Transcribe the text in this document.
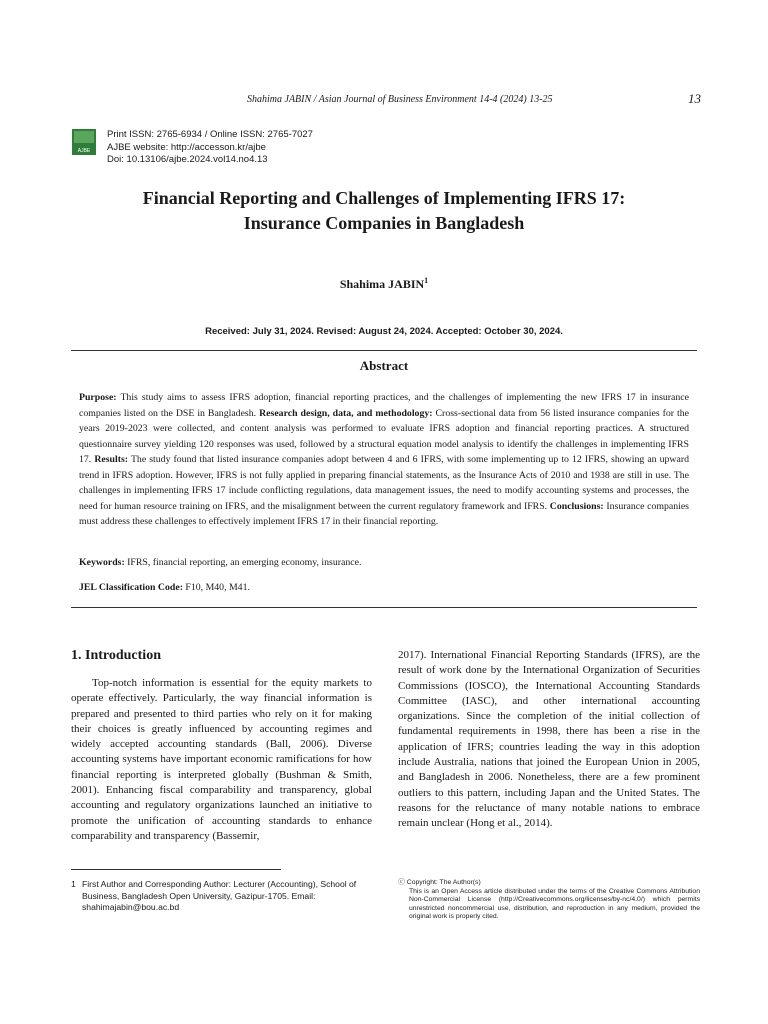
Shahima JABIN / Asian Journal of Business Environment 14-4 (2024) 13-25	13
AJBE
Print ISSN: 2765-6934 / Online ISSN: 2765-7027
AJBE website: http://accesson.kr/ajbe
Doi: 10.13106/ajbe.2024.vol14.no4.13
Financial Reporting and Challenges of Implementing IFRS 17:
Insurance Companies in Bangladesh
Shahima JABIN$^1$
Received: July 31, 2024. Revised: August 24, 2024. Accepted: October 30, 2024.
Abstract
Purpose: This study aims to assess IFRS adoption, financial reporting practices, and the challenges of implementing the new IFRS 17 in insurance companies listed on the DSE in Bangladesh. Research design, data, and methodology: Cross-sectional data from 56 listed insurance companies for the years 2019-2023 were collected, and content analysis was performed to evaluate IFRS adoption and financial reporting practices. A structured questionnaire survey yielding 120 responses was used, followed by a structural equation model analysis to identify the challenges in implementing IFRS 17. Results: The study found that listed insurance companies adopt between 4 and 6 IFRS, with some implementing up to 12 IFRS, showing an upward trend in IFRS adoption. However, IFRS is not fully applied in preparing financial statements, as the Insurance Acts of 2010 and 1938 are still in use. The challenges in implementing IFRS 17 include conflicting regulations, data management issues, the need to modify accounting systems and processes, the need for human resource training on IFRS, and the misalignment between the current regulatory framework and IFRS. Conclusions: Insurance companies must address these challenges to effectively implement IFRS 17 in their financial reporting.
Keywords: IFRS, financial reporting, an emerging economy, insurance.
JEL Classification Code: F10, M40, M41.
1. Introduction

Top-notch information is essential for the equity markets to operate effectively. Particularly, the way financial information is prepared and presented to third parties who rely on it for making their choices is greatly influenced by accounting regimes and widely accepted accounting standards (Ball, 2006). Diverse accounting systems have important economic ramifications for how financial reporting is interpreted globally (Bushman & Smith, 2001). Enhancing fiscal comparability and transparency, global accounting and regulatory organizations launched an initiative to promote the unification of accounting standards to enhance comparability and transparency (Bassemir,

2017). International Financial Reporting Standards (IFRS), are the result of work done by the International Organization of Securities Commissions (IOSCO), the International Accounting Standards Committee (IASC), and other international accounting organizations. Since the completion of the initial collection of fundamental requirements in 1998, there has been a rise in the application of IFRS; countries leading the way in this adoption include Australia, nations that joined the European Union in 2005, and Bangladesh in 2006. Nonetheless, there are a few prominent outliers to this pattern, including Japan and the United States. The reasons for the reluctance of many notable nations to embrace remain unclear (Hong et al., 2014).

1 First Author and Corresponding Author: Lecturer (Accounting), School of Business, Bangladesh Open University, Gazipur-1705. Email: shahimajabin@bou.ac.bd
ⓒ Copyright: The Author(s)
This is an Open Access article distributed under the terms of the Creative Commons Attribution Non-Commercial License (http://Creativecommons.org/licenses/by-nc/4.0/) which permits unrestricted noncommercial use, distribution, and reproduction in any medium, provided the original work is properly cited.
